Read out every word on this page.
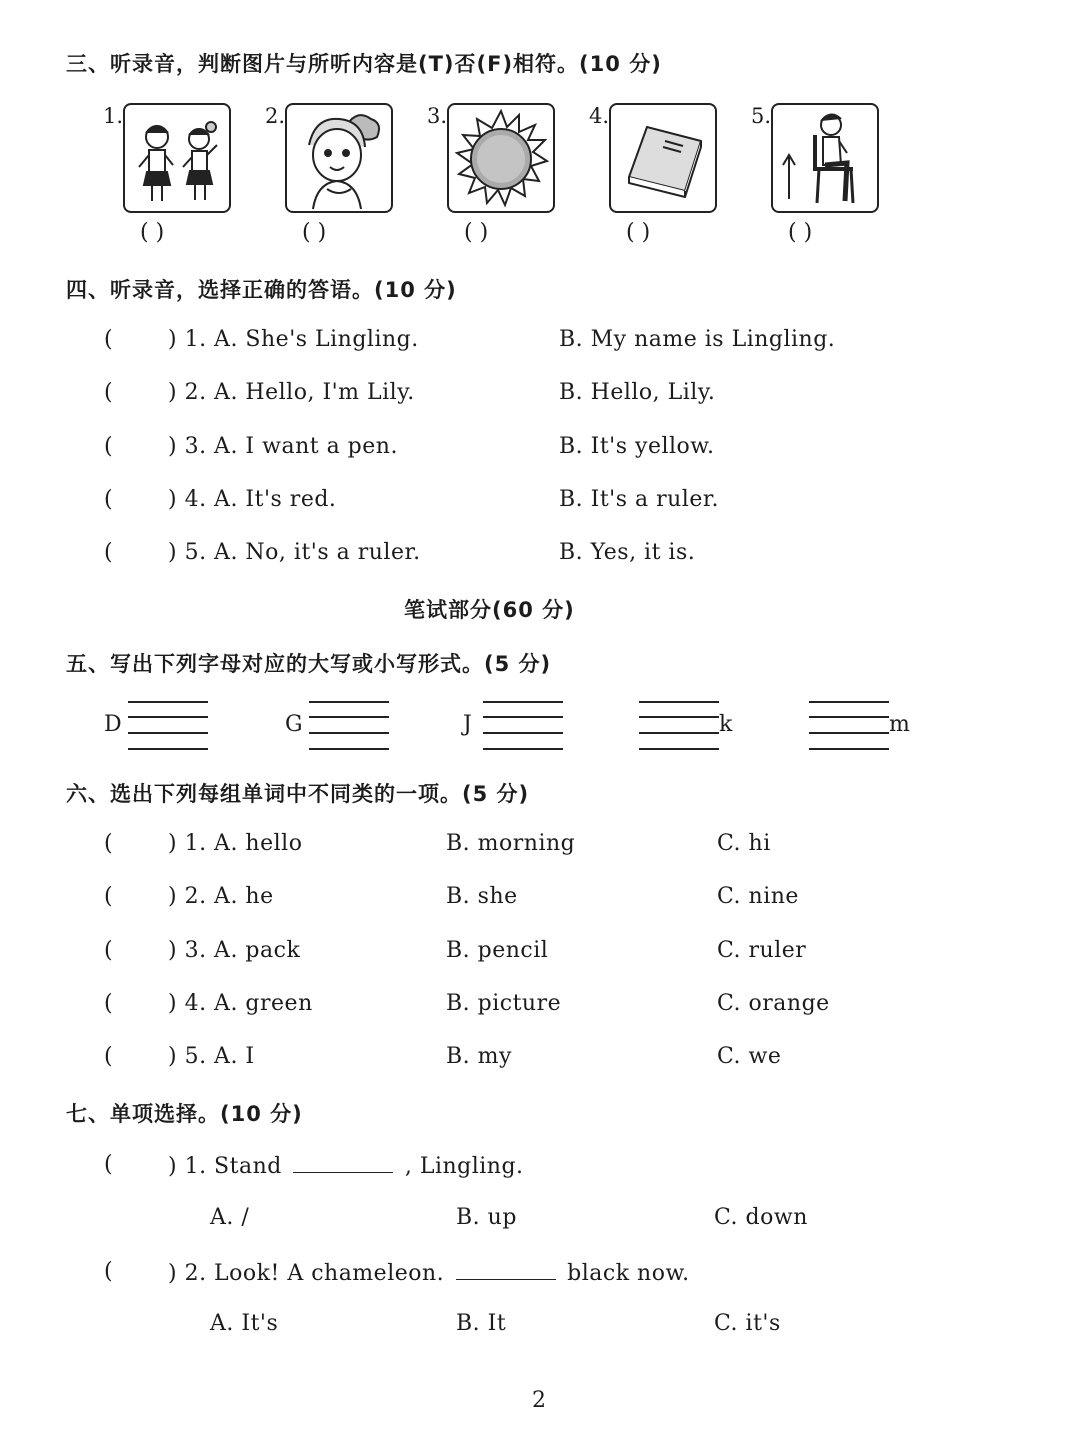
三、听录音，判断图片与所听内容是(T)否(F)相符。(10 分)
1.
( )
2.
( )
3.
( )
4.
( )
5.
( )
四、听录音，选择正确的答语。(10 分)
( ) 1. A. She's Lingling.	B. My name is Lingling.
( ) 2. A. Hello, I'm Lily.	B. Hello, Lily.
( ) 3. A. I want a pen.	B. It's yellow.
( ) 4. A. It's red.	B. It's a ruler.
( ) 5. A. No, it's a ruler.	B. Yes, it is.
笔试部分(60 分)
五、写出下列字母对应的大写或小写形式。(5 分)
D	G	J	k	m
六、选出下列每组单词中不同类的一项。(5 分)
( ) 1. A. hello	B. morning	C. hi
( ) 2. A. he	B. she	C. nine
( ) 3. A. pack	B. pencil	C. ruler
( ) 4. A. green	B. picture	C. orange
( ) 5. A. I	B. my	C. we
七、单项选择。(10 分)
( ) 1. Stand	, Lingling.
A. /	B. up	C. down
( ) 2. Look! A chameleon.	black now.
A. It's	B. It	C. it's
2
